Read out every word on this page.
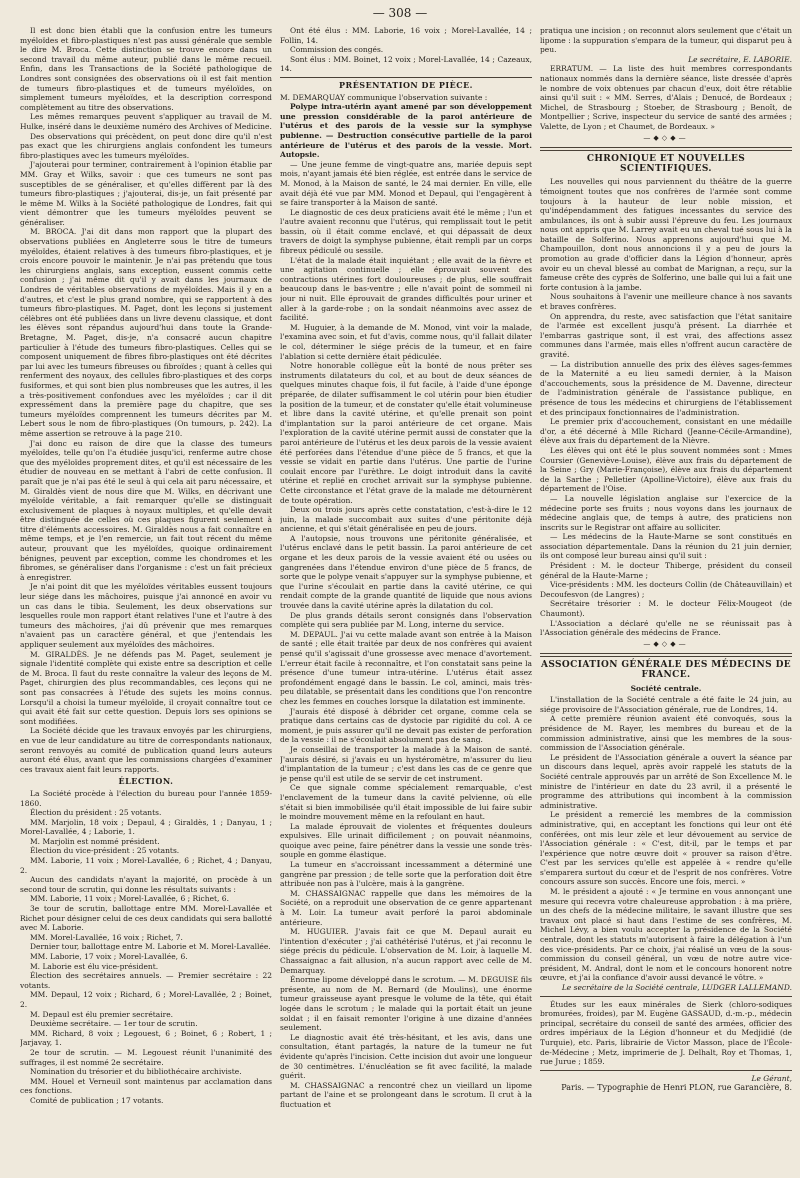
— 308 —

Il est donc bien établi que la confusion entre les tumeurs myéloïdes et fibro-plastiques n'est pas aussi générale que semble le dire M. Broca. Cette distinction se trouve encore dans un second travail du même auteur, publié dans le même recueil. Enfin, dans les Transactions de la Société pathologique de Londres sont consignées des observations où il est fait mention de tumeurs fibro-plastiques et de tumeurs myéloïdes, on simplement tumeurs myéloïdes, et la description correspond complètement au titre des observations.

Les mêmes remarques peuvent s'appliquer au travail de M. Hulke, inséré dans le deuxième numéro des Archives of Medicine.

Des observations qui précèdent, on peut donc dire qu'il n'est pas exact que les chirurgiens anglais confondent les tumeurs fibro-plastiques avec les tumeurs myéloïdes.

J'ajouterai pour terminer, contrairement à l'opinion établie par MM. Gray et Wilks, savoir : que ces tumeurs ne sont pas susceptibles de se généraliser, et qu'elles diffèrent par là des tumeurs fibro-plastiques ; j'ajouterai, dis-je, un fait présenté par le même M. Wilks à la Société pathologique de Londres, fait qui vient démontrer que les tumeurs myéloïdes peuvent se généraliser.

M. BROCA. J'ai dit dans mon rapport que la plupart des observations publiées en Angleterre sous le titre de tumeurs myéloïdes, étaient relatives à des tumeurs fibro-plastiques, et je crois encore pouvoir le maintenir. Je n'ai pas prétendu que tous les chirurgiens anglais, sans exception, eussent commis cette confusion ; j'ai même dit qu'il y avait dans les journaux de Londres de véritables observations de myéloïdes. Mais il y en a d'autres, et c'est le plus grand nombre, qui se rapportent à des tumeurs fibro-plastiques. M. Paget, dont les leçons si justement célèbres ont été publiées dans un livre devenu classique, et dont les élèves sont répandus aujourd'hui dans toute la Grande-Bretagne, M. Paget, dis-je, n'a consacré aucun chapitre particulier à l'étude des tumeurs fibro-plastiques. Celles qui se composent uniquement de fibres fibro-plastiques ont été décrites par lui avec les tumeurs fibreuses ou fibroïdes ; quant à celles qui renferment des noyaux, des cellules fibro-plastiques et des corps fusiformes, et qui sont bien plus nombreuses que les autres, il les a très-positivement confondues avec les myéloïdes ; car il dit expressément dans la première page du chapitre, que ses tumeurs myéloïdes comprennent les tumeurs décrites par M. Lebert sous le nom de fibro-plastiques (On tumours, p. 242). La même assertion se retrouve à la page 210.

J'ai donc eu raison de dire que la classe des tumeurs myéloïdes, telle qu'on l'a étudiée jusqu'ici, renferme autre chose que des myéloïdes proprement dites, et qu'il est nécessaire de les étudier de nouveau en se mettant à l'abri de cette confusion. Il paraît que je n'ai pas été le seul à qui cela ait paru nécessaire, et M. Giraldès vient de nous dire que M. Wilks, en décrivant une myéloïde véritable, a fait remarquer qu'elle se distinguait exclusivement de plaques à noyaux multiples, et qu'elle devait être distinguée de celles où ces plaques figurent seulement à titre d'éléments accessoires. M. Giraldès nous a fait connaître en même temps, et je l'en remercie, un fait tout récent du même auteur, prouvant que les myéloïdes, quoique ordinairement bénignes, peuvent par exception, comme les chondromes et les fibromes, se généraliser dans l'organisme : c'est un fait précieux à enregistrer.

Je n'ai point dit que les myéloïdes véritables eussent toujours leur siége dans les mâchoires, puisque j'ai annoncé en avoir vu un cas dans le tibia. Seulement, les deux observations sur lesquelles roule mon rapport étant relatives l'une et l'autre à des tumeurs des mâchoires, j'ai dû prévenir que mes remarques n'avaient pas un caractère général, et que j'entendais les appliquer seulement aux myéloïdes des mâchoires.

M. GIRALDÈS. Je ne défends pas M. Paget, seulement je signale l'identité complète qui existe entre sa description et celle de M. Broca. Il faut du reste connaître la valeur des leçons de M. Paget, chirurgien des plus recommandables, ces leçons qui ne sont pas consacrées à l'étude des sujets les moins connus. Lorsqu'il a choisi la tumeur myéloïde, il croyait connaître tout ce qui avait été fait sur cette question. Depuis lors ses opinions se sont modifiées.

La Société décide que les travaux envoyés par les chirurgiens, en vue de leur candidature au titre de correspondants nationaux, seront renvoyés au comité de publication quand leurs auteurs auront été élus, avant que les commissions chargées d'examiner ces travaux aient fait leurs rapports.

ÉLECTION.

La Société procède à l'élection du bureau pour l'année 1859-1860.

Élection du président : 25 votants.

MM. Marjolin, 18 voix ; Depaul, 4 ; Giraldès, 1 ; Danyau, 1 ; Morel-Lavallée, 4 ; Laborie, 1.

M. Marjolin est nommé président.

Élection du vice-président : 25 votants.

MM. Laborie, 11 voix ; Morel-Lavallée, 6 ; Richet, 4 ; Danyau, 2.

Aucun des candidats n'ayant la majorité, on procède à un second tour de scrutin, qui donne les résultats suivants :

MM. Laborie, 11 voix ; Morel-Lavallée, 6 ; Richet, 6.

3e tour de scrutin, ballottage entre MM. Morel-Lavallée et Richet pour désigner celui de ces deux candidats qui sera ballotté avec M. Laborie.

MM. Morel-Lavallée, 16 voix ; Richet, 7.

Dernier tour, ballottage entre M. Laborie et M. Morel-Lavallée.

MM. Laborie, 17 voix ; Morel-Lavallée, 6.

M. Laborie est élu vice-président.

Élection des secrétaires annuels. — Premier secrétaire : 22 votants.

MM. Depaul, 12 voix ; Richard, 6 ; Morel-Lavallée, 2 ; Boinet, 2.

M. Depaul est élu premier secrétaire.

Deuxième secrétaire. — 1er tour de scrutin.

MM. Richard, 8 voix ; Legouest, 6 ; Boinet, 6 ; Robert, 1 ; Jarjavay, 1.

2e tour de scrutin. — M. Legouest réunit l'unanimité des suffrages, il est nommé 2e secrétaire.

Nomination du trésorier et du bibliothécaire archiviste.

MM. Houel et Verneuil sont maintenus par acclamation dans ces fonctions.

Comité de publication ; 17 votants.

Ont été élus : MM. Laborie, 16 voix ; Morel-Lavallée, 14 ; Follin, 14.

Commission des congés.

Sont élus : MM. Boinet, 12 voix ; Morel-Lavallée, 14 ; Cazeaux, 14.

PRÉSENTATION DE PIÈCE.

M. DEMARQUAY communique l'observation suivante :

Polype intra-utérin ayant amené par son développement une pression considérable de la paroi antérieure de l'utérus et des parois de la vessie sur la symphyse pubienne. — Destruction consécutive partielle de la paroi antérieure de l'utérus et des parois de la vessie. Mort. Autopsie.

— Une jeune femme de vingt-quatre ans, mariée depuis sept mois, n'ayant jamais été bien réglée, est entrée dans le service de M. Monod, à la Maison de santé, le 24 mai dernier. En ville, elle avait déjà été vue par MM. Monod et Depaul, qui l'engagèrent à se faire transporter à la Maison de santé.

Le diagnostic de ces deux praticiens avait été le même ; l'un et l'autre avaient reconnu que l'utérus, qui remplissait tout le petit bassin, où il était comme enclavé, et qui dépassait de deux travers de doigt la symphyse pubienne, était rempli par un corps fibreux pédiculé ou sessile.

L'état de la malade était inquiétant ; elle avait de la fièvre et une agitation continuelle ; elle éprouvait souvent des contractions utérines fort douloureuses ; de plus, elle souffrait beaucoup dans le bas-ventre ; elle n'avait point de sommeil ni jour ni nuit. Elle éprouvait de grandes difficultés pour uriner et aller à la garde-robe ; on la sondait néanmoins avec assez de facilité.

M. Huguier, à la demande de M. Monod, vint voir la malade, l'examina avec soin, et fut d'avis, comme nous, qu'il fallait dilater le col, déterminer le siége précis de la tumeur, et en faire l'ablation si cette dernière était pédiculée.

Notre honorable collègue eût la bonté de nous prêter ses instruments dilatateurs du col, et au bout de deux séances de quelques minutes chaque fois, il fut facile, à l'aide d'une éponge préparée, de dilater suffisamment le col utérin pour bien étudier la position de la tumeur, et de constater qu'elle était volumineuse et libre dans la cavité utérine, et qu'elle prenait son point d'implantation sur la paroi antérieure de cet organe. Mais l'exploration de la cavité utérine permit aussi de constater que la paroi antérieure de l'utérus et les deux parois de la vessie avaient été perforées dans l'étendue d'une pièce de 5 francs, et que la vessie se vidait en partie dans l'utérus. Une partie de l'urine coulait encore par l'urèthre. Le doigt introduit dans la cavité utérine et replié en crochet arrivait sur la symphyse pubienne. Cette circonstance et l'état grave de la malade me détournèrent de toute opération.

Deux ou trois jours après cette constatation, c'est-à-dire le 12 juin, la malade succombait aux suites d'une péritonite déjà ancienne, et qui s'était généralisée en peu de jours.

A l'autopsie, nous trouvons une péritonite généralisée, et l'utérus enclavé dans le petit bassin. La paroi antérieure de cet organe et les deux parois de la vessie avaient été ou usées ou gangrenées dans l'étendue environ d'une pièce de 5 francs, de sorte que le polype venait s'appuyer sur la symphyse pubienne, et que l'urine s'écoulait en partie dans la cavité utérine, ce qui rendait compte de la grande quantité de liquide que nous avions trouvée dans la cavité utérine après la dilatation du col.

De plus grands détails seront consignés dans l'observation complète qui sera publiée par M. Long, interne du service.

M. DEPAUL. J'ai vu cette malade avant son entrée à la Maison de santé ; elle était traitée par deux de nos confrères qui avaient pensé qu'il s'agissait d'une grossesse avec menace d'avortement. L'erreur était facile à reconnaître, et l'on constatait sans peine la présence d'une tumeur intra-utérine. L'utérus était assez profondément engagé dans le bassin. Le col, aminci, mais très-peu dilatable, se présentait dans les conditions que l'on rencontre chez les femmes en couches lorsque la dilatation est imminente.

J'aurais été disposé à débrider cet organe, comme cela se pratique dans certains cas de dystocie par rigidité du col. A ce moment, je puis assurer qu'il ne devait pas exister de perforation de la vessie : il ne s'écoulait absolument pas de sang.

Je conseillai de transporter la malade à la Maison de santé. J'aurais désiré, si j'avais eu un hystéromètre, m'assurer du lieu d'implantation de la tumeur ; c'est dans les cas de ce genre que je pense qu'il est utile de se servir de cet instrument.

Ce que signale comme spécialement remarquable, c'est l'enclavement de la tumeur dans la cavité pelvienne, où elle s'était si bien immobilisée qu'il était impossible de lui faire subir le moindre mouvement même en la refoulant en haut.

La malade éprouvait de violentes et fréquentes douleurs expulsives. Elle urinait difficilement ; on pouvait néanmoins, quoique avec peine, faire pénétrer dans la vessie une sonde très-souple en gomme élastique.

La tumeur en s'accroissant incessamment a déterminé une gangrène par pression ; de telle sorte que la perforation doit être attribuée non pas à l'ulcère, mais à la gangrène.

M. CHASSAIGNAC rappelle que dans les mémoires de la Société, on a reproduit une observation de ce genre appartenant à M. Loir. La tumeur avait perforé la paroi abdominale antérieure.

M. HUGUIER. J'avais fait ce que M. Depaul aurait eu l'intention d'exécuter ; j'ai cathétérisé l'utérus, et j'ai reconnu le siége précis du pédicule. L'observation de M. Loir, à laquelle M. Chassaignac a fait allusion, n'a aucun rapport avec celle de M. Demarquay.

Énorme lipome développé dans le scrotum. — M. DEGUISE fils présente, au nom de M. Bernard (de Moulins), une énorme tumeur graisseuse ayant presque le volume de la tête, qui était logée dans le scrotum ; le malade qui la portait était un jeune soldat ; il en faisait remonter l'origine à une dizaine d'années seulement.

Le diagnostic avait été très-hésitant, et les avis, dans une consultation, étant partagés, la nature de la tumeur ne fut évidente qu'après l'incision. Cette incision dut avoir une longueur de 30 centimètres. L'énucléation se fit avec facilité, la malade guérit.

M. CHASSAIGNAC a rencontré chez un vieillard un lipome partant de l'aine et se prolongeant dans le scrotum. Il crut à la fluctuation et

pratiqua une incision ; on reconnut alors seulement que c'était un lipome : la suppuration s'empara de la tumeur, qui disparut peu à peu.

Le secrétaire, E. LABORIE.

ERRATUM. — La liste des huit membres correspondants nationaux nommés dans la dernière séance, liste dressée d'après le nombre de voix obtenues par chacun d'eux, doit être rétablie ainsi qu'il suit : « MM. Serres, d'Alais ; Denucé, de Bordeaux ; Michel, de Strasbourg ; Stoeber, de Strasbourg ; Benoît, de Montpellier ; Scrive, inspecteur du service de santé des armées ; Valette, de Lyon ; et Chaumet, de Bordeaux. »

—◆◇◆—
CHRONIQUE ET NOUVELLES SCIENTIFIQUES.

Les nouvelles qui nous parviennent du théâtre de la guerre témoignent toutes que nos confrères de l'armée sont comme toujours à la hauteur de leur noble mission, et qu'indépendamment des fatigues incessantes du service des ambulances, ils ont à subir aussi l'épreuve du feu. Les journaux nous ont appris que M. Larrey avait eu un cheval tué sous lui à la bataille de Solferino. Nous apprenons aujourd'hui que M. Champouillon, dont nous annoncions il y a peu de jours la promotion au grade d'officier dans la Légion d'honneur, après avoir eu un cheval blessé au combat de Marignan, a reçu, sur la fameuse crête des cyprès de Solferino, une balle qui lui a fait une forte contusion à la jambe.

Nous souhaitons à l'avenir une meilleure chance à nos savants et braves confrères.

On apprendra, du reste, avec satisfaction que l'état sanitaire de l'armée est excellent jusqu'à présent. La diarrhée et l'embarras gastrique sont, il est vrai, des affections assez communes dans l'armée, mais elles n'offrent aucun caractère de gravité.

— La distribution annuelle des prix des élèves sages-femmes de la Maternité a eu lieu samedi dernier, à la Maison d'accouchements, sous la présidence de M. Davenne, directeur de l'administration générale de l'assistance publique, en présence de tous les médecins et chirurgiens de l'établissement et des principaux fonctionnaires de l'administration.

Le premier prix d'accouchement, consistant en une médaille d'or, a été décerné à Mlle Richard (Jeanne-Cécile-Armandine), élève aux frais du département de la Nièvre.

Les élèves qui ont été le plus souvent nommées sont : Mmes Coursier (Geneviève-Louise), élève aux frais du département de la Seine ; Gry (Marie-Françoise), élève aux frais du département de la Sarthe ; Pelletier (Apolline-Victoire), élève aux frais du département de l'Oise.

— La nouvelle législation anglaise sur l'exercice de la médecine porte ses fruits ; nous voyons dans les journaux de médecine anglais que, de temps à autre, des praticiens non inscrits sur le Registrar ont affaire au solliciter.

— Les médecins de la Haute-Marne se sont constitués en association départementale. Dans la réunion du 21 juin dernier, ils ont composé leur bureau ainsi qu'il suit :

Président : M. le docteur Thiberge, président du conseil général de la Haute-Marne ;

Vice-présidents : MM. les docteurs Collin (de Châteauvillain) et Decoufesvon (de Langres) ;

Secrétaire trésorier : M. le docteur Félix-Mougeot (de Chaumont).

L'Association a déclaré qu'elle ne se réunissait pas à l'Association générale des médecins de France.

—◆◇◆—
ASSOCIATION GÉNÉRALE DES MÉDECINS DE FRANCE.
Société centrale.

L'installation de la Société centrale a été faite le 24 juin, au siége provisoire de l'Association générale, rue de Londres, 14.

A cette première réunion avaient été convoqués, sous la présidence de M. Rayer, les membres du bureau et de la commission administrative, ainsi que les membres de la sous-commission de l'Association générale.

Le président de l'Association générale a ouvert la séance par un discours dans lequel, après avoir rappelé les statuts de la Société centrale approuvés par un arrêté de Son Excellence M. le ministre de l'intérieur en date du 23 avril, il a présenté le programme des attributions qui incombent à la commission administrative.

Le président a remercié les membres de la commission administrative, qui, en acceptant les fonctions qui leur ont été conférées, ont mis leur zèle et leur dévouement au service de l'Association générale : « C'est, dit-il, par le temps et par l'expérience que notre œuvre doit « prouver sa raison d'être. C'est par les services qu'elle est appelée à « rendre qu'elle s'emparera surtout du cœur et de l'esprit de nos confrères. Votre concours assure son succès. Encore une fois, merci. »

M. le président a ajouté : « Je termine en vous annonçant une mesure qui recevra votre chaleureuse approbation : à ma prière, un des chefs de la médecine militaire, le savant illustre que ses travaux ont placé si haut dans l'estime de ses confrères, M. Michel Lévy, a bien voulu accepter la présidence de la Société centrale, dont les statuts m'autorisent à faire la délégation à l'un des vice-présidents. Par ce choix, j'ai réalisé un vœu de la sous-commission du conseil général, un vœu de notre autre vice-président, M. Andral, dont le nom et le concours honorent notre œuvre, et j'ai la confiance d'avoir aussi devancé le vôtre. »

Le secrétaire de la Société centrale, LUDGER LALLEMAND.

Études sur les eaux minérales de Sierk (chloro-sodiques bromurées, froides), par M. Eugène GASSAUD, d.-m.-p., médecin principal, secrétaire du conseil de santé des armées, officier des ordres impériaux de la Légion d'honneur et du Medjidié (de Turquie), etc. Paris, librairie de Victor Masson, place de l'École-de-Médecine ; Metz, imprimerie de J. Delhalt, Roy et Thomas, 1, rue Jurue ; 1859.

Le Gérant,

Paris. — Typographie de Henri PLON, rue Garancière, 8.
